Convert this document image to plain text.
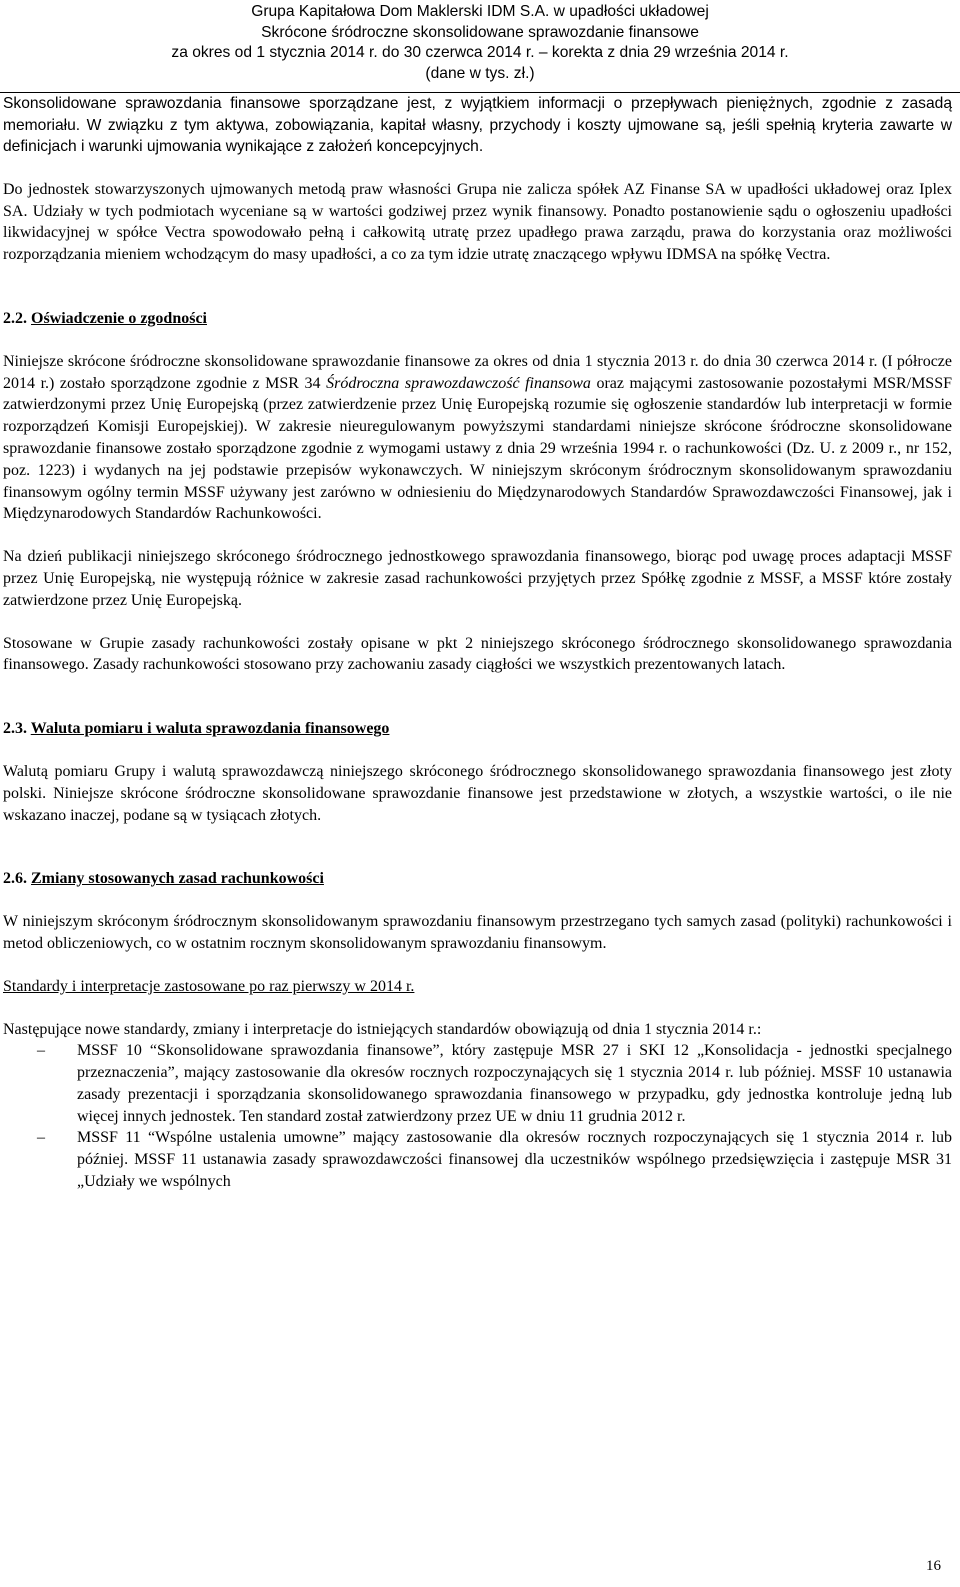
Grupa Kapitałowa Dom Maklerski IDM S.A. w upadłości układowej
Skrócone śródroczne skonsolidowane sprawozdanie finansowe
za okres od 1 stycznia 2014 r. do 30 czerwca 2014 r. – korekta z dnia 29 września 2014 r.
(dane w tys. zł.)

Skonsolidowane sprawozdania finansowe sporządzane jest, z wyjątkiem informacji o przepływach pieniężnych, zgodnie z zasadą memoriału. W związku z tym aktywa, zobowiązania, kapitał własny, przychody i koszty ujmowane są, jeśli spełnią kryteria zawarte w definicjach i warunki ujmowania wynikające z założeń koncepcyjnych.

Do jednostek stowarzyszonych ujmowanych metodą praw własności Grupa nie zalicza spółek AZ Finanse SA w upadłości układowej oraz Iplex SA. Udziały w tych podmiotach wyceniane są w wartości godziwej przez wynik finansowy. Ponadto postanowienie sądu o ogłoszeniu upadłości likwidacyjnej w spółce Vectra spowodowało pełną i całkowitą utratę przez upadłego prawa zarządu, prawa do korzystania oraz możliwości rozporządzania mieniem wchodzącym do masy upadłości, a co za tym idzie utratę znaczącego wpływu IDMSA na spółkę Vectra.

2.2. Oświadczenie o zgodności

Niniejsze skrócone śródroczne skonsolidowane sprawozdanie finansowe za okres od dnia 1 stycznia 2013 r. do dnia 30 czerwca 2014 r. (I półrocze 2014 r.) zostało sporządzone zgodnie z MSR 34 Śródroczna sprawozdawczość finansowa oraz mającymi zastosowanie pozostałymi MSR/MSSF zatwierdzonymi przez Unię Europejską (przez zatwierdzenie przez Unię Europejską rozumie się ogłoszenie standardów lub interpretacji w formie rozporządzeń Komisji Europejskiej). W zakresie nieuregulowanym powyższymi standardami niniejsze skrócone śródroczne skonsolidowane sprawozdanie finansowe zostało sporządzone zgodnie z wymogami ustawy z dnia 29 września 1994 r. o rachunkowości (Dz. U. z 2009 r., nr 152, poz. 1223) i wydanych na jej podstawie przepisów wykonawczych. W niniejszym skróconym śródrocznym skonsolidowanym sprawozdaniu finansowym ogólny termin MSSF używany jest zarówno w odniesieniu do Międzynarodowych Standardów Sprawozdawczości Finansowej, jak i Międzynarodowych Standardów Rachunkowości.

Na dzień publikacji niniejszego skróconego śródrocznego jednostkowego sprawozdania finansowego, biorąc pod uwagę proces adaptacji MSSF przez Unię Europejską, nie występują różnice w zakresie zasad rachunkowości przyjętych przez Spółkę zgodnie z MSSF, a MSSF które zostały zatwierdzone przez Unię Europejską.

Stosowane w Grupie zasady rachunkowości zostały opisane w pkt 2 niniejszego skróconego śródrocznego skonsolidowanego sprawozdania finansowego. Zasady rachunkowości stosowano przy zachowaniu zasady ciągłości we wszystkich prezentowanych latach.

2.3. Waluta pomiaru i waluta sprawozdania finansowego

Walutą pomiaru Grupy i walutą sprawozdawczą niniejszego skróconego śródrocznego skonsolidowanego sprawozdania finansowego jest złoty polski. Niniejsze skrócone śródroczne skonsolidowane sprawozdanie finansowe jest przedstawione w złotych, a wszystkie wartości, o ile nie wskazano inaczej, podane są w tysiącach złotych.

2.6. Zmiany stosowanych zasad rachunkowości

W niniejszym skróconym śródrocznym skonsolidowanym sprawozdaniu finansowym przestrzegano tych samych zasad (polityki) rachunkowości i metod obliczeniowych, co w ostatnim rocznym skonsolidowanym sprawozdaniu finansowym.

Standardy i interpretacje zastosowane po raz pierwszy w 2014 r.

Następujące nowe standardy, zmiany i interpretacje do istniejących standardów obowiązują od dnia 1 stycznia 2014 r.:

– MSSF 10 “Skonsolidowane sprawozdania finansowe”, który zastępuje MSR 27 i SKI 12 „Konsolidacja - jednostki specjalnego przeznaczenia”, mający zastosowanie dla okresów rocznych rozpoczynających się 1 stycznia 2014 r. lub później. MSSF 10 ustanawia zasady prezentacji i sporządzania skonsolidowanego sprawozdania finansowego w przypadku, gdy jednostka kontroluje jedną lub więcej innych jednostek. Ten standard został zatwierdzony przez UE w dniu 11 grudnia 2012 r.
– MSSF 11 “Wspólne ustalenia umowne” mający zastosowanie dla okresów rocznych rozpoczynających się 1 stycznia 2014 r. lub później. MSSF 11 ustanawia zasady sprawozdawczości finansowej dla uczestników wspólnego przedsięwzięcia i zastępuje MSR 31 „Udziały we wspólnych
16
